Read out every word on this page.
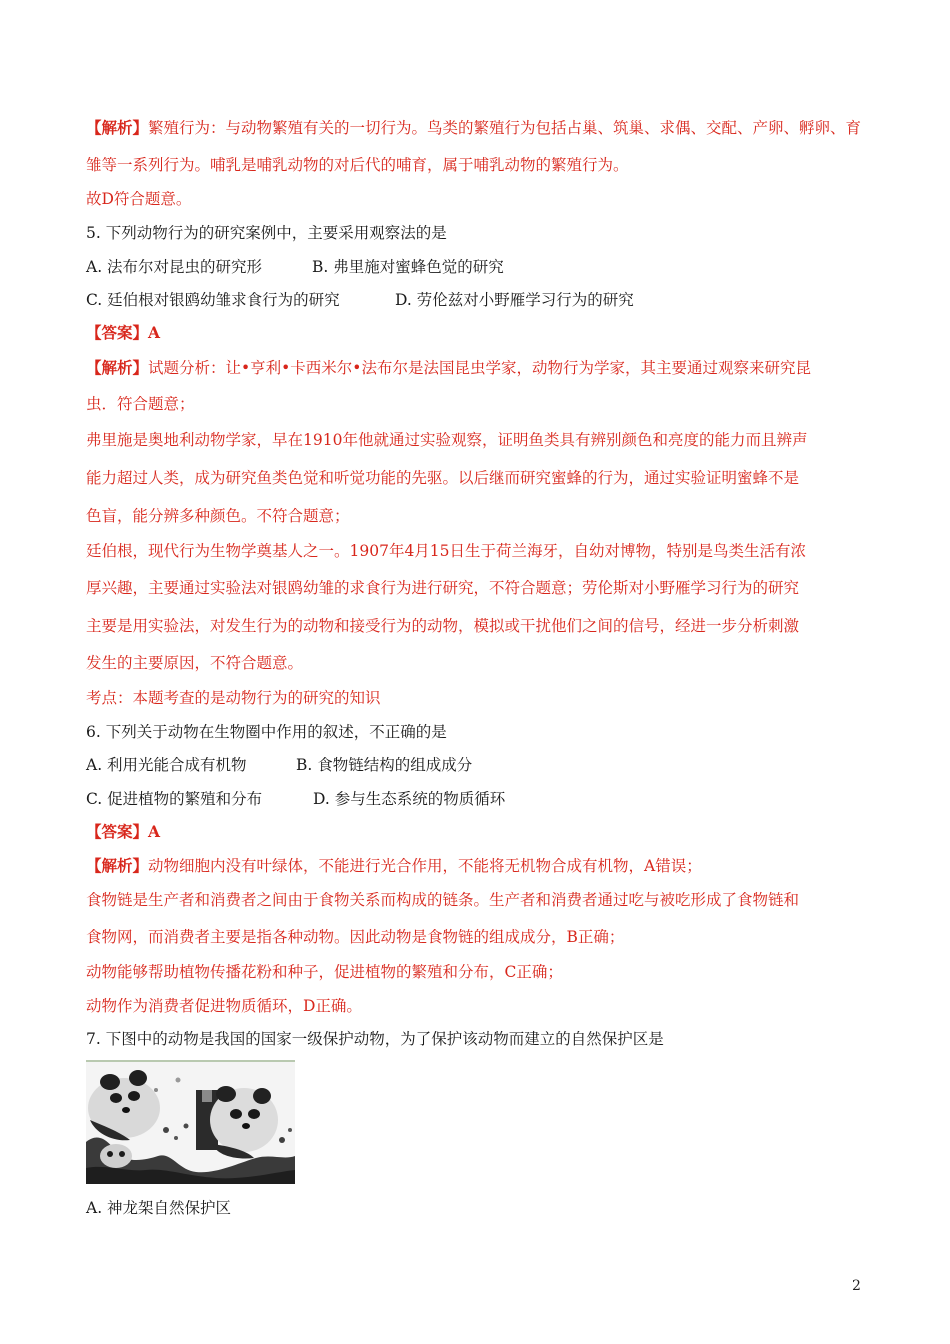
【解析】繁殖行为：与动物繁殖有关的一切行为。鸟类的繁殖行为包括占巢、筑巢、求偶、交配、产卵、孵卵、育
雏等一系列行为。哺乳是哺乳动物的对后代的哺育，属于哺乳动物的繁殖行为。
故D符合题意。
5. 下列动物行为的研究案例中，主要采用观察法的是
A. 法布尔对昆虫的研究形	B. 弗里施对蜜蜂色觉的研究
C. 廷伯根对银鸥幼雏求食行为的研究	D. 劳伦兹对小野雁学习行为的研究
【答案】A
【解析】试题分析：让•亨利•卡西米尔•法布尔是法国昆虫学家，动物行为学家，其主要通过观察来研究昆
虫．符合题意；
弗里施是奥地利动物学家，早在1910年他就通过实验观察，证明鱼类具有辨别颜色和亮度的能力而且辨声
能力超过人类，成为研究鱼类色觉和听觉功能的先驱。以后继而研究蜜蜂的行为，通过实验证明蜜蜂不是
色盲，能分辨多种颜色。不符合题意；
廷伯根，现代行为生物学奠基人之一。1907年4月15日生于荷兰海牙，自幼对博物，特别是鸟类生活有浓
厚兴趣，主要通过实验法对银鸥幼雏的求食行为进行研究，不符合题意；劳伦斯对小野雁学习行为的研究
主要是用实验法，对发生行为的动物和接受行为的动物，模拟或干扰他们之间的信号，经进一步分析刺激
发生的主要原因，不符合题意。
考点：本题考查的是动物行为的研究的知识
6. 下列关于动物在生物圈中作用的叙述，不正确的是
A. 利用光能合成有机物	B. 食物链结构的组成成分
C. 促进植物的繁殖和分布	D. 参与生态系统的物质循环
【答案】A
【解析】动物细胞内没有叶绿体，不能进行光合作用，不能将无机物合成有机物，A错误；
食物链是生产者和消费者之间由于食物关系而构成的链条。生产者和消费者通过吃与被吃形成了食物链和
食物网，而消费者主要是指各种动物。因此动物是食物链的组成成分，B正确；
动物能够帮助植物传播花粉和种子，促进植物的繁殖和分布，C正确；
动物作为消费者促进物质循环，D正确。
7. 下图中的动物是我国的国家一级保护动物，为了保护该动物而建立的自然保护区是
A. 神龙架自然保护区
2
